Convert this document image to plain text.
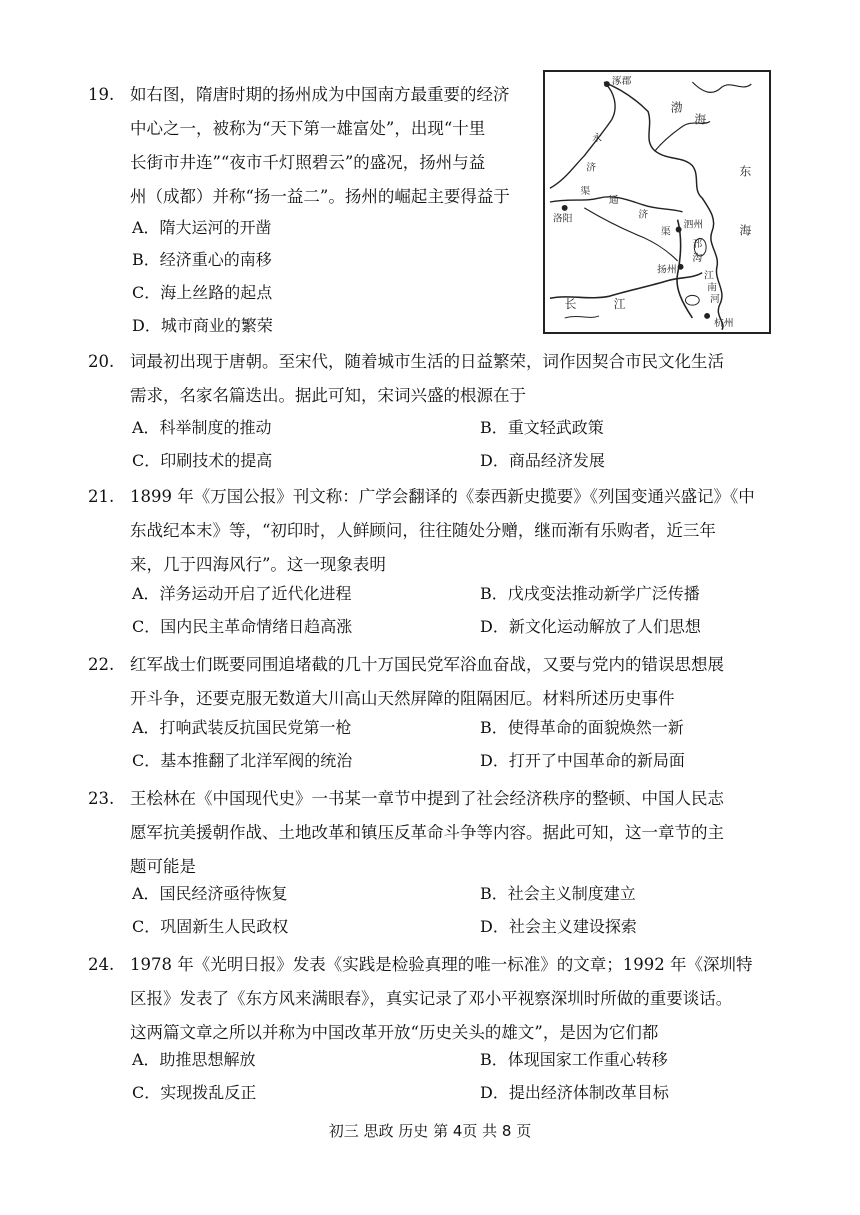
19. 如右图，隋唐时期的扬州成为中国南方最重要的经济
中心之一，被称为“天下第一雄富处”，出现“十里
长街市井连”“夜市千灯照碧云”的盛况，扬州与益
州（成都）并称“扬一益二”。扬州的崛起主要得益于
A．隋大运河的开凿
B．经济重心的南移
C．海上丝路的起点
D．城市商业的繁荣
涿郡
永
济
渠
渤
海
东
海
洛阳
通
济
渠
泗州
邗
沟
扬州
江
南
河
长	江
杭州
20. 词最初出现于唐朝。至宋代，随着城市生活的日益繁荣，词作因契合市民文化生活
需求，名家名篇迭出。据此可知，宋词兴盛的根源在于
A．科举制度的推动	B．重文轻武政策
C．印刷技术的提高	D．商品经济发展
21. 1899 年《万国公报》刊文称：广学会翻译的《泰西新史揽要》《列国变通兴盛记》《中
东战纪本末》等，“初印时，人鲜顾问，往往随处分赠，继而渐有乐购者，近三年
来，几于四海风行”。这一现象表明
A．洋务运动开启了近代化进程	B．戊戌变法推动新学广泛传播
C．国内民主革命情绪日趋高涨	D．新文化运动解放了人们思想
22. 红军战士们既要同围追堵截的几十万国民党军浴血奋战，又要与党内的错误思想展
开斗争，还要克服无数道大川高山天然屏障的阻隔困厄。材料所述历史事件
A．打响武装反抗国民党第一枪	B．使得革命的面貌焕然一新
C．基本推翻了北洋军阀的统治	D．打开了中国革命的新局面
23. 王桧林在《中国现代史》一书某一章节中提到了社会经济秩序的整顿、中国人民志
愿军抗美援朝作战、土地改革和镇压反革命斗争等内容。据此可知，这一章节的主
题可能是
A．国民经济亟待恢复	B．社会主义制度建立
C．巩固新生人民政权	D．社会主义建设探索
24. 1978 年《光明日报》发表《实践是检验真理的唯一标准》的文章；1992 年《深圳特
区报》发表了《东方风来满眼春》，真实记录了邓小平视察深圳时所做的重要谈话。
这两篇文章之所以并称为中国改革开放“历史关头的雄文”，是因为它们都
A．助推思想解放	B．体现国家工作重心转移
C．实现拨乱反正	D．提出经济体制改革目标
初三 思政 历史 第 4页 共 8 页
